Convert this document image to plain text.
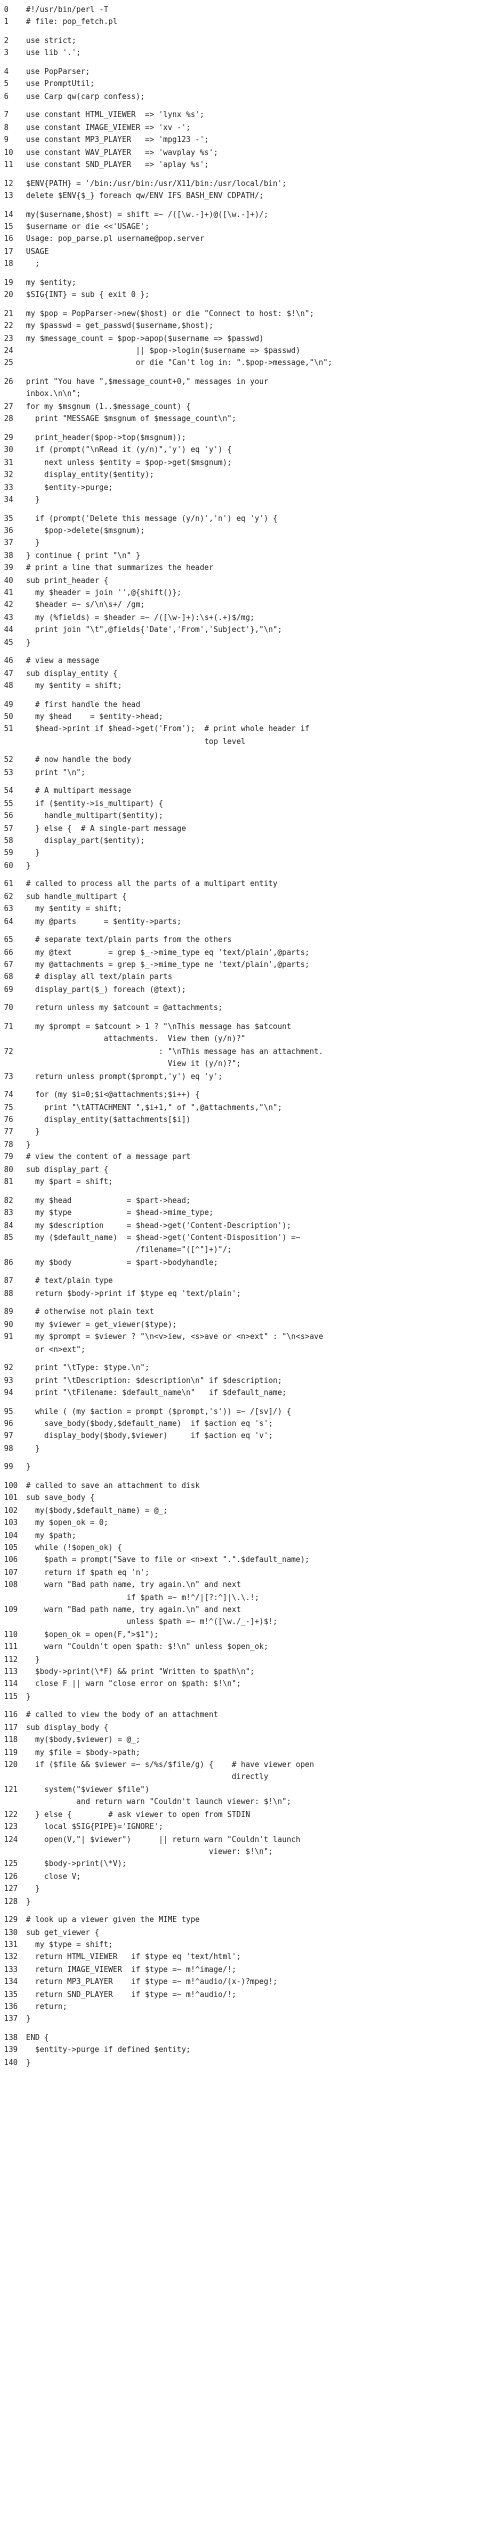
0	#!/usr/bin/perl -T
1	# file: pop_fetch.pl
2	use strict;
3	use lib '.';
4	use PopParser;
5	use PromptUtil;
6	use Carp qw(carp confess);
7	use constant HTML_VIEWER  => 'lynx %s';
8	use constant IMAGE_VIEWER => 'xv -';
9	use constant MP3_PLAYER   => 'mpg123 -';
10	use constant WAV_PLAYER   => 'wavplay %s';
11	use constant SND_PLAYER   => 'aplay %s';
12	$ENV{PATH} = '/bin:/usr/bin:/usr/X11/bin:/usr/local/bin';
13	delete $ENV{$_} foreach qw/ENV IFS BASH_ENV CDPATH/;
14	my($username,$host) = shift =~ /([\w.-]+)@([\w.-]+)/;
15	$username or die <<'USAGE';
16	Usage: pop_parse.pl username@pop.server
17	USAGE
18	;
19	my $entity;
20	$SIG{INT} = sub { exit 0 };
21	my $pop = PopParser->new($host) or die "Connect to host: $!\n";
22	my $passwd = get_passwd($username,$host);
23	my $message_count = $pop->apop($username => $passwd)
24	|| $pop->login($username => $passwd)
25	or die "Can't log in: ".$pop->message,"\n";
26	print "You have ",$message_count+0," messages in your
inbox.\n\n";
27	for my $msgnum (1..$message_count) {
28	print "MESSAGE $msgnum of $message_count\n";
29	print_header($pop->top($msgnum));
30	if (prompt("\nRead it (y/n)",'y') eq 'y') {
31	next unless $entity = $pop->get($msgnum);
32	display_entity($entity);
33	$entity->purge;
34	}
35	if (prompt('Delete this message (y/n)','n') eq 'y') {
36	$pop->delete($msgnum);
37	}
38	} continue { print "\n" }
39	# print a line that summarizes the header
40	sub print_header {
41	my $header = join '',@{shift()};
42	$header =~ s/\n\s+/ /gm;
43	my (%fields) = $header =~ /([\w-]+):\s+(.+)$/mg;
44	print join "\t",@fields{'Date','From','Subject'},"\n";
45	}
46	# view a message
47	sub display_entity {
48	my $entity = shift;
49	# first handle the head
50	my $head    = $entity->head;
51	$head->print if $head->get('From');  # print whole header if
top level
52	# now handle the body
53	print "\n";
54	# A multipart message
55	if ($entity->is_multipart) {
56	handle_multipart($entity);
57	} else {  # A single-part message
58	display_part($entity);
59	}
60	}
61	# called to process all the parts of a multipart entity
62	sub handle_multipart {
63	my $entity = shift;
64	my @parts      = $entity->parts;
65	# separate text/plain parts from the others
66	my @text        = grep $_->mime_type eq 'text/plain',@parts;
67	my @attachments = grep $_->mime_type ne 'text/plain',@parts;
68	# display all text/plain parts
69	display_part($_) foreach (@text);
70	return unless my $atcount = @attachments;
71	my $prompt = $atcount > 1 ? "\nThis message has $atcount
attachments.  View them (y/n)?"
72	: "\nThis message has an attachment.
View it (y/n)?";
73	return unless prompt($prompt,'y') eq 'y';
74	for (my $i=0;$i<@attachments;$i++) {
75	print "\tATTACHMENT ",$i+1," of ",@attachments,"\n";
76	display_entity($attachments[$i])
77	}
78	}
79	# view the content of a message part
80	sub display_part {
81	my $part = shift;
82	my $head            = $part->head;
83	my $type            = $head->mime_type;
84	my $description     = $head->get('Content-Description');
85	my ($default_name)  = $head->get('Content-Disposition') =~
/filename="([^"]+)"/;
86	my $body            = $part->bodyhandle;
87	# text/plain type
88	return $body->print if $type eq 'text/plain';
89	# otherwise not plain text
90	my $viewer = get_viewer($type);
91	my $prompt = $viewer ? "\n<v>iew, <s>ave or <n>ext" : "\n<s>ave
or <n>ext";
92	print "\tType: $type.\n";
93	print "\tDescription: $description\n" if $description;
94	print "\tFilename: $default_name\n"   if $default_name;
95	while ( (my $action = prompt ($prompt,'s')) =~ /[sv]/) {
96	save_body($body,$default_name)  if $action eq 's';
97	display_body($body,$viewer)     if $action eq 'v';
98	}
99	}
100	# called to save an attachment to disk
101	sub save_body {
102	my($body,$default_name) = @_;
103	my $open_ok = 0;
104	my $path;
105	while (!$open_ok) {
106	$path = prompt("Save to file or <n>ext ".".$default_name);
107	return if $path eq 'n';
108	warn "Bad path name, try again.\n" and next
if $path =~ m!^/|[?:^]|\.\.!;
109	warn "Bad path name, try again.\n" and next
unless $path =~ m!^([\w./_-]+)$!;
110	$open_ok = open(F,">$1");
111	warn "Couldn't open $path: $!\n" unless $open_ok;
112	}
113	$body->print(\*F) && print "Written to $path\n";
114	close F || warn "close error on $path: $!\n";
115	}
116	# called to view the body of an attachment
117	sub display_body {
118	my($body,$viewer) = @_;
119	my $file = $body->path;
120	if ($file && $viewer =~ s/%s/$file/g) {    # have viewer open
directly
121	system("$viewer $file")
and return warn "Couldn't launch viewer: $!\n";
122	} else {        # ask viewer to open from STDIN
123	local $SIG{PIPE}='IGNORE';
124	open(V,"| $viewer")      || return warn "Couldn't launch
viewer: $!\n";
125	$body->print(\*V);
126	close V;
127	}
128	}
129	# look up a viewer given the MIME type
130	sub get_viewer {
131	my $type = shift;
132	return HTML_VIEWER   if $type eq 'text/html';
133	return IMAGE_VIEWER  if $type =~ m!^image/!;
134	return MP3_PLAYER    if $type =~ m!^audio/(x-)?mpeg!;
135	return SND_PLAYER    if $type =~ m!^audio/!;
136	return;
137	}
138	END {
139	$entity->purge if defined $entity;
140	}
